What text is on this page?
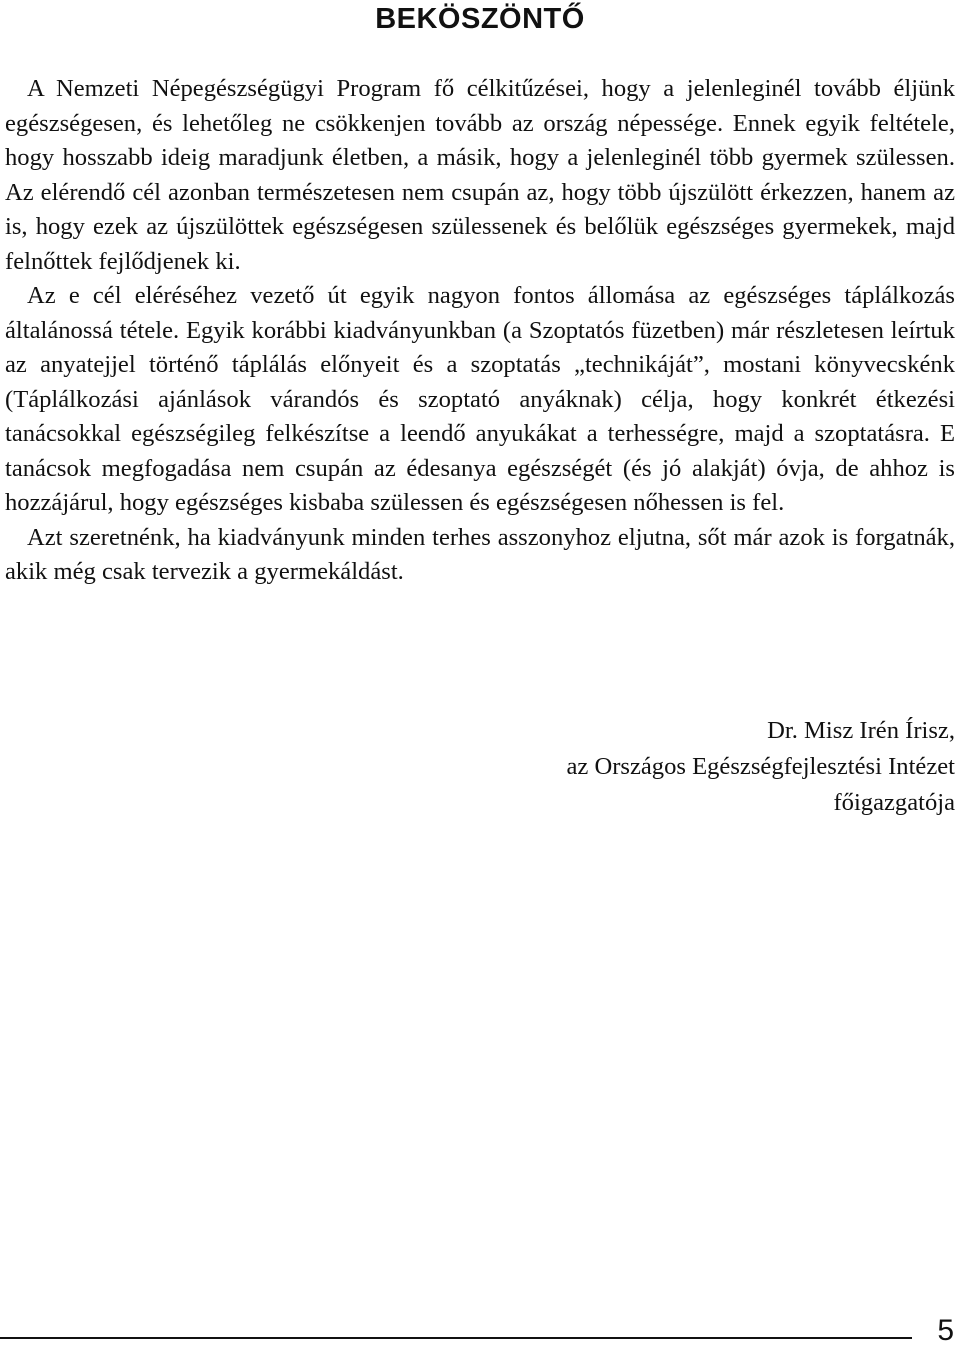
BEKÖSZÖNTŐ

A Nemzeti Népegészségügyi Program fő célkitűzései, hogy a jelenleginél tovább éljünk egészségesen, és lehetőleg ne csökkenjen tovább az ország népessége. Ennek egyik feltétele, hogy hosszabb ideig maradjunk életben, a másik, hogy a jelenleginél több gyermek szülessen. Az elérendő cél azonban természetesen nem csupán az, hogy több újszülött érkezzen, hanem az is, hogy ezek az újszülöttek egészségesen szülessenek és belőlük egészséges gyermekek, majd felnőttek fejlődjenek ki.

Az e cél eléréséhez vezető út egyik nagyon fontos állomása az egészséges táplálkozás általánossá tétele. Egyik korábbi kiadványunkban (a Szoptatós füzetben) már részletesen leírtuk az anyatejjel történő táplálás előnyeit és a szoptatás „technikáját”, mostani könyvecskénk (Táplálkozási ajánlások várandós és szoptató anyáknak) célja, hogy konkrét étkezési tanácsokkal egészségileg felkészítse a leendő anyukákat a terhességre, majd a szoptatásra. E tanácsok megfogadása nem csupán az édesanya egészségét (és jó alakját) óvja, de ahhoz is hozzájárul, hogy egészséges kisbaba szülessen és egészségesen nőhessen is fel.

Azt szeretnénk, ha kiadványunk minden terhes asszonyhoz eljutna, sőt már azok is forgatnák, akik még csak tervezik a gyermekáldást.

Dr. Misz Irén Írisz,
az Országos Egészségfejlesztési Intézet
főigazgatója
5
